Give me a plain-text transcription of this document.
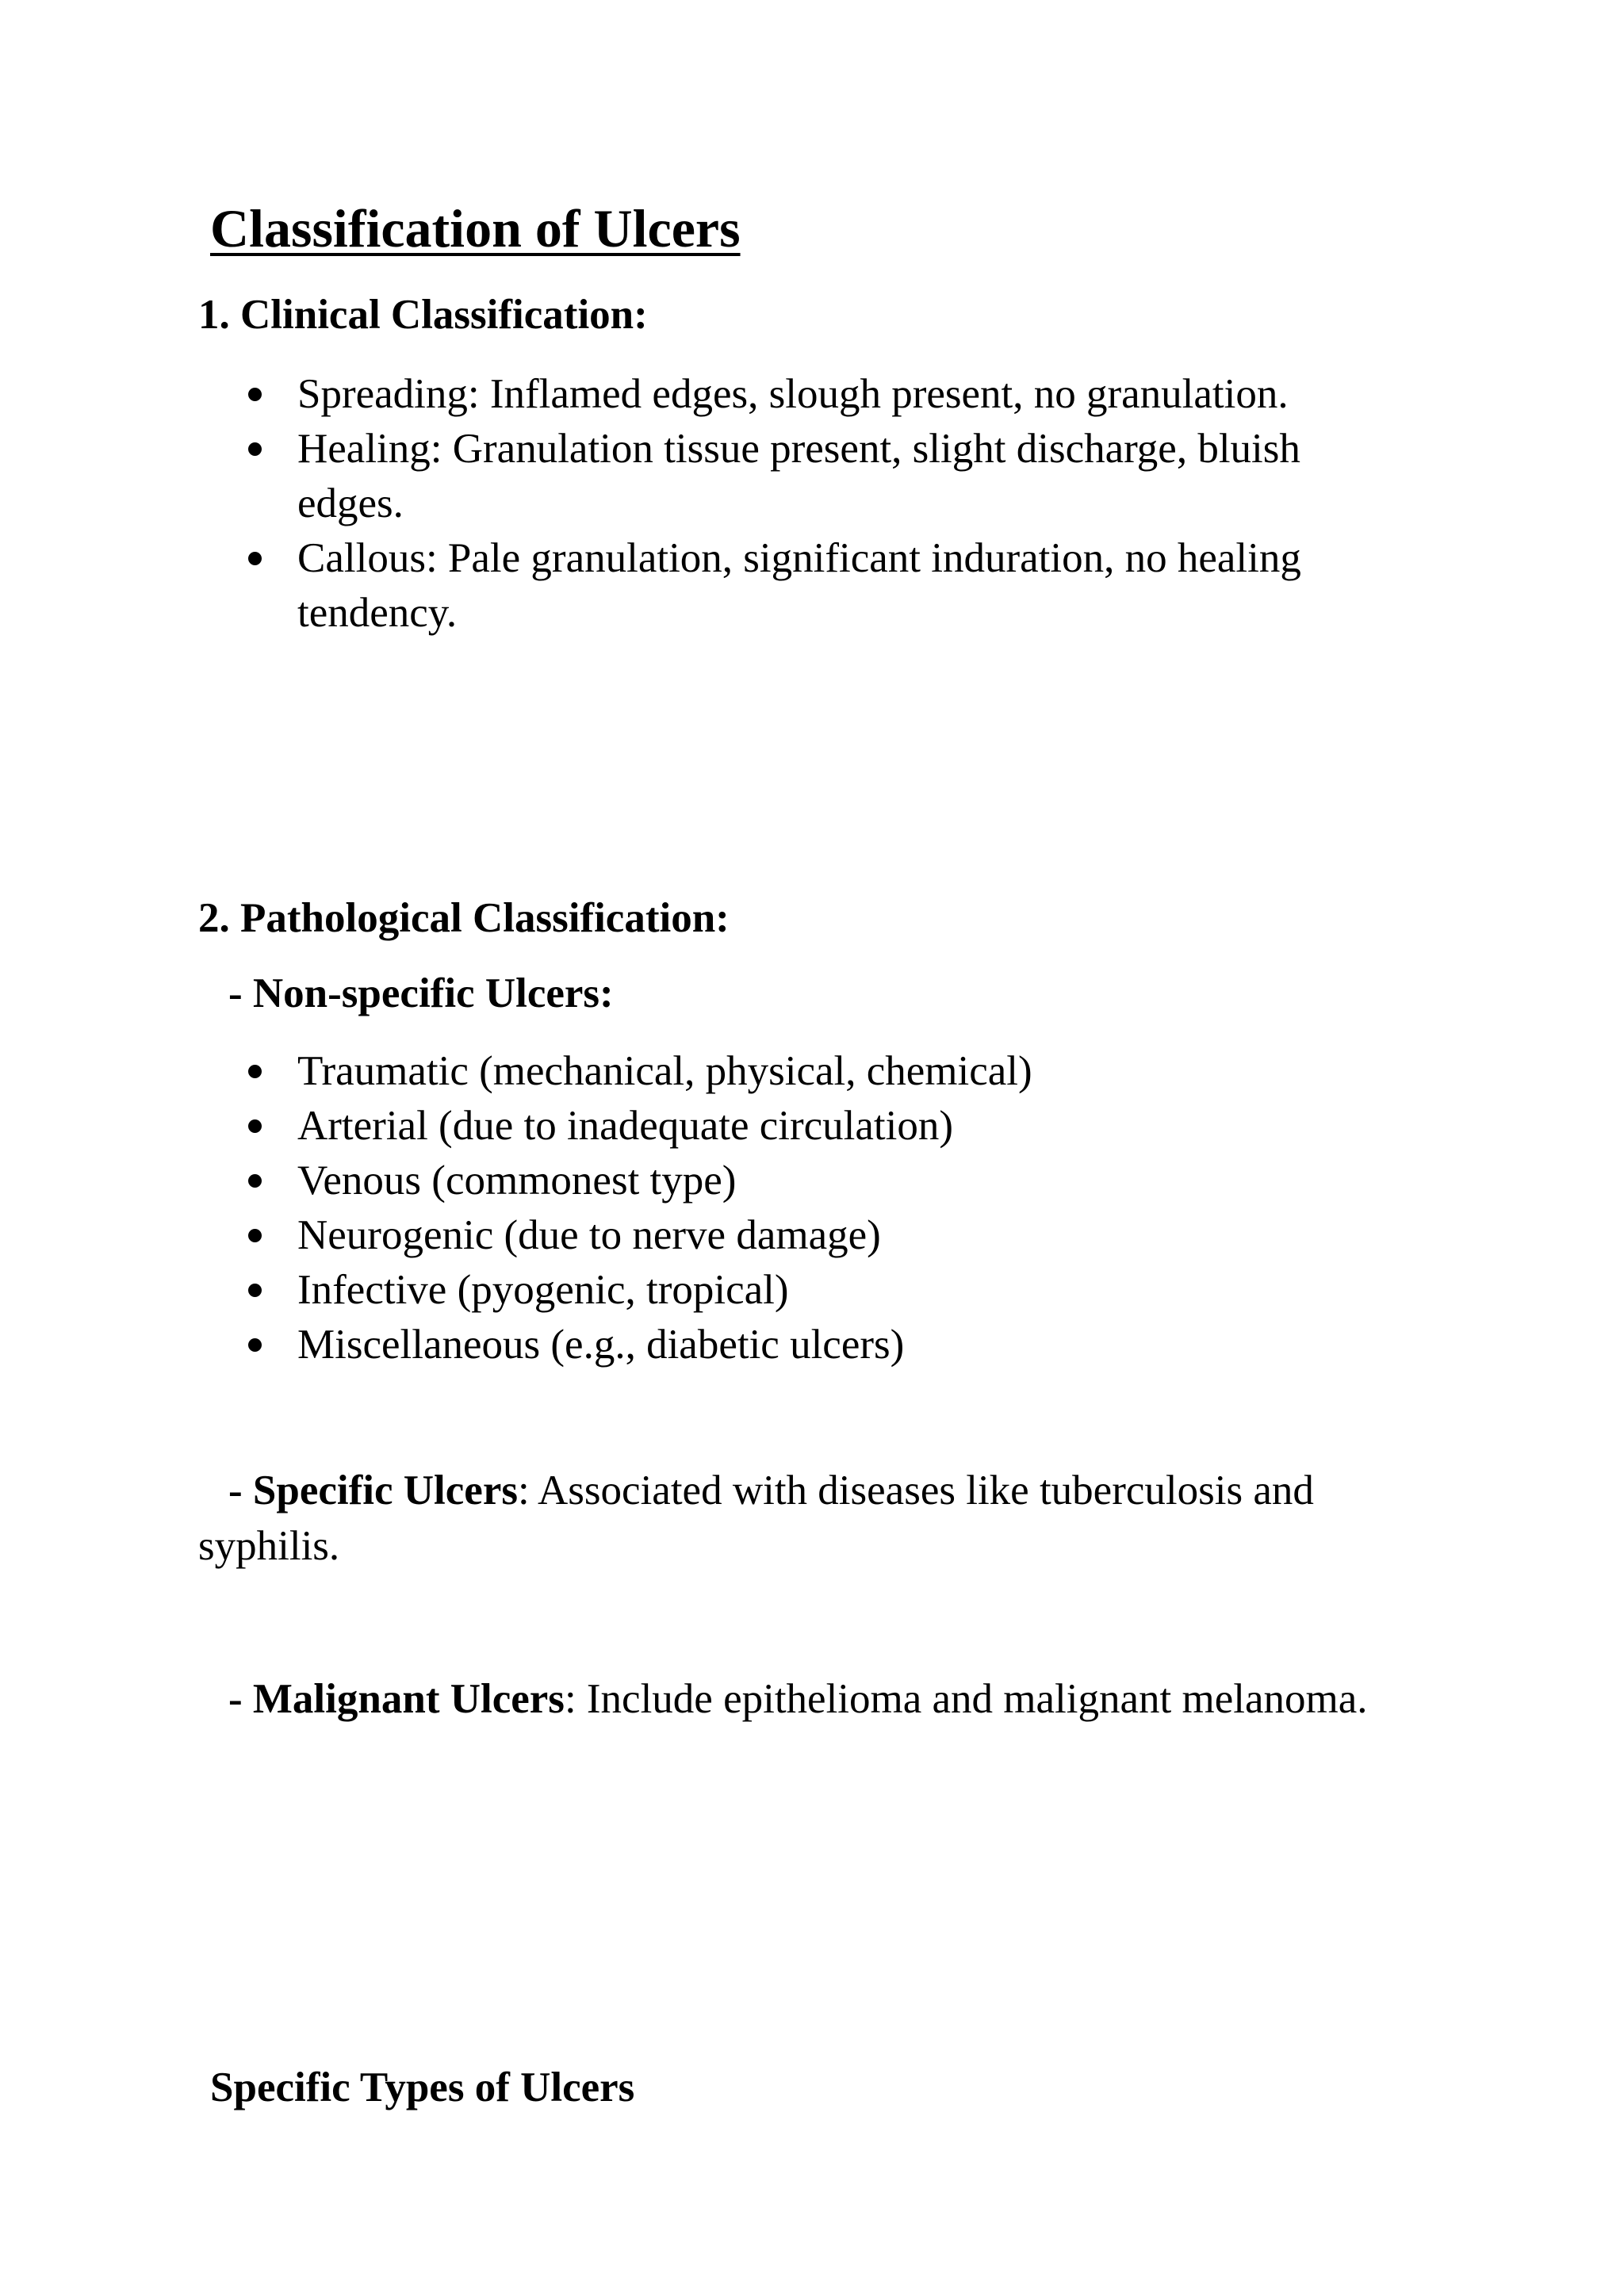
Classification of Ulcers
1. Clinical Classification:
Spreading: Inflamed edges, slough present, no granulation.
Healing: Granulation tissue present, slight discharge, bluish
edges.
Callous: Pale granulation, significant induration, no healing
tendency.
2. Pathological Classification:
- Non-specific Ulcers:
Traumatic (mechanical, physical, chemical)
Arterial (due to inadequate circulation)
Venous (commonest type)
Neurogenic (due to nerve damage)
Infective (pyogenic, tropical)
Miscellaneous (e.g., diabetic ulcers)
- Specific Ulcers: Associated with diseases like tuberculosis and
syphilis.
- Malignant Ulcers: Include epithelioma and malignant melanoma.
Specific Types of Ulcers
